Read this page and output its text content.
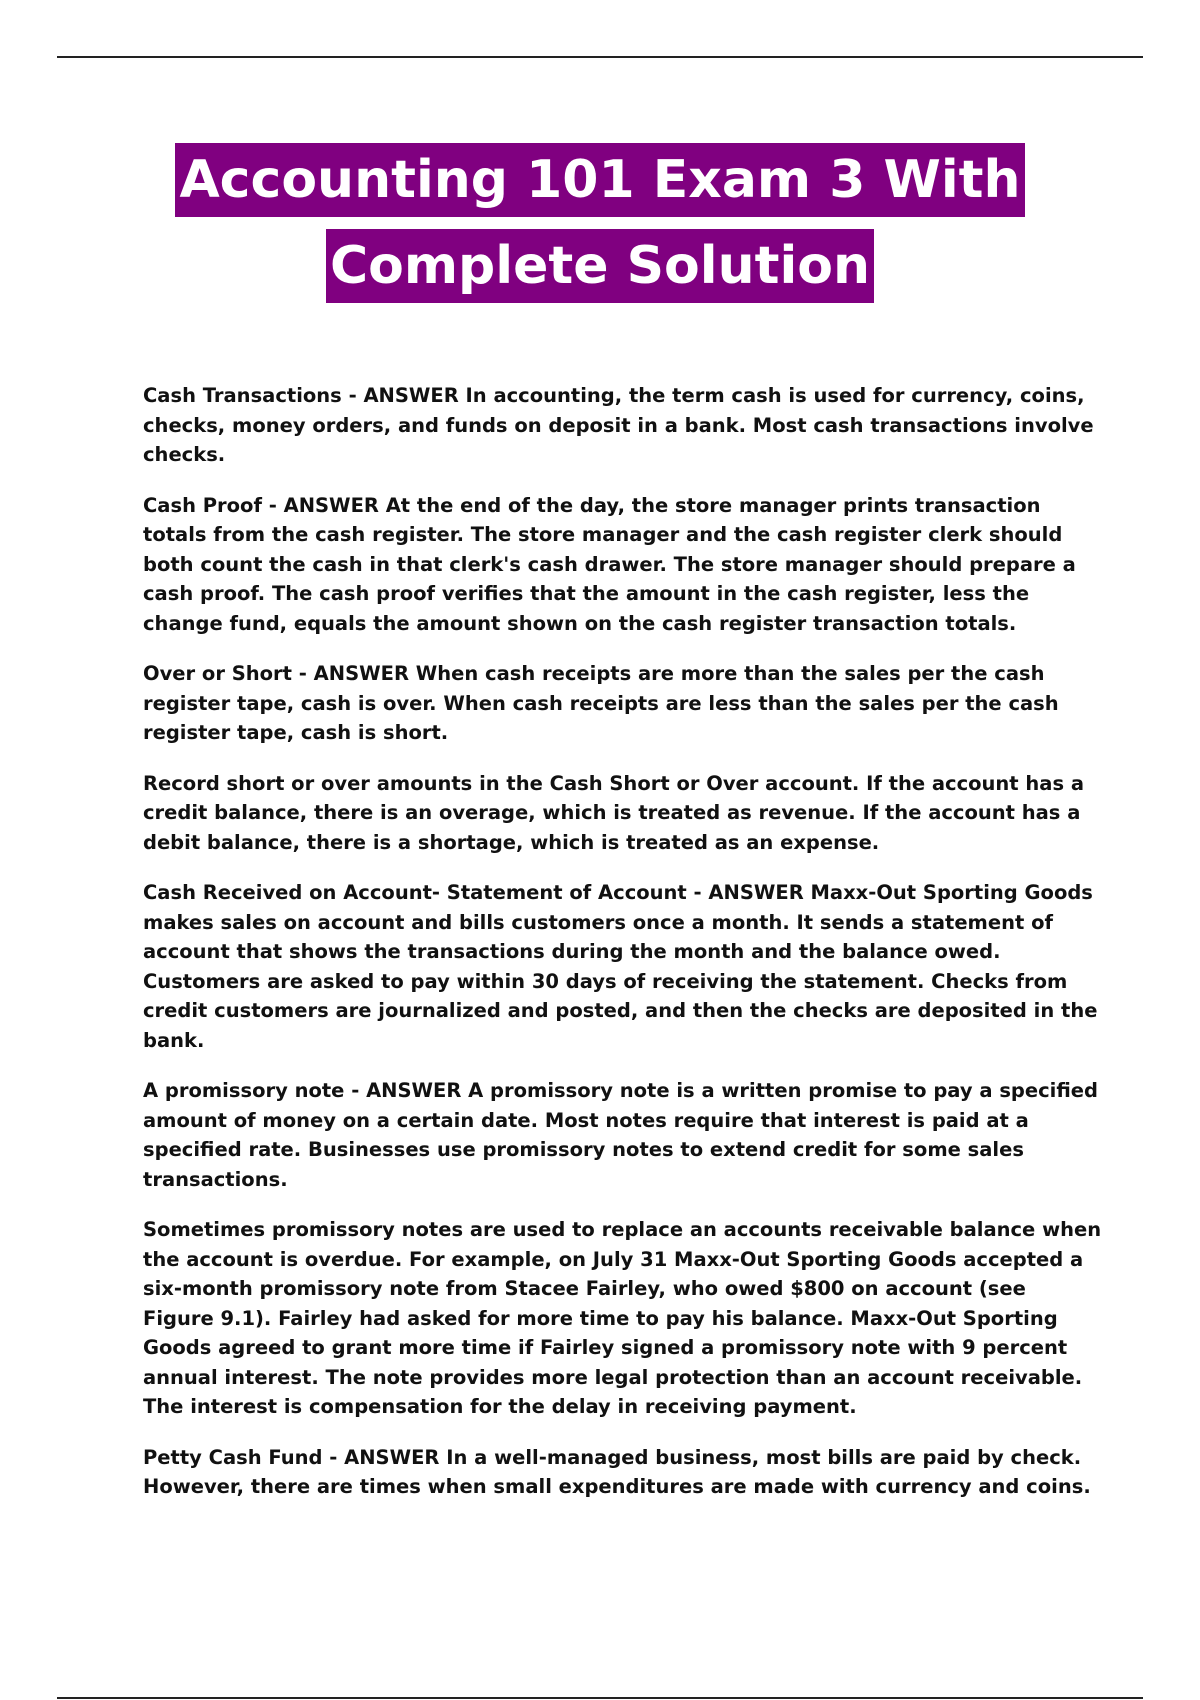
Accounting 101 Exam 3 With
Complete Solution

Cash Transactions - ANSWER In accounting, the term cash is used for currency, coins, checks, money orders, and funds on deposit in a bank. Most cash transactions involve checks.

Cash Proof - ANSWER At the end of the day, the store manager prints transaction totals from the cash register. The store manager and the cash register clerk should both count the cash in that clerk's cash drawer. The store manager should prepare a cash proof. The cash proof verifies that the amount in the cash register, less the change fund, equals the amount shown on the cash register transaction totals.

Over or Short - ANSWER When cash receipts are more than the sales per the cash register tape, cash is over. When cash receipts are less than the sales per the cash register tape, cash is short.

Record short or over amounts in the Cash Short or Over account. If the account has a credit balance, there is an overage, which is treated as revenue. If the account has a debit balance, there is a shortage, which is treated as an expense.

Cash Received on Account- Statement of Account - ANSWER Maxx-Out Sporting Goods makes sales on account and bills customers once a month. It sends a statement of account that shows the transactions during the month and the balance owed. Customers are asked to pay within 30 days of receiving the statement. Checks from credit customers are journalized and posted, and then the checks are deposited in the bank.

A promissory note - ANSWER A promissory note is a written promise to pay a specified amount of money on a certain date. Most notes require that interest is paid at a specified rate. Businesses use promissory notes to extend credit for some sales transactions.

Sometimes promissory notes are used to replace an accounts receivable balance when the account is overdue. For example, on July 31 Maxx-Out Sporting Goods accepted a six-month promissory note from Stacee Fairley, who owed $800 on account (see Figure 9.1). Fairley had asked for more time to pay his balance. Maxx-Out Sporting Goods agreed to grant more time if Fairley signed a promissory note with 9 percent annual interest. The note provides more legal protection than an account receivable. The interest is compensation for the delay in receiving payment.

Petty Cash Fund - ANSWER In a well-managed business, most bills are paid by check. However, there are times when small expenditures are made with currency and coins.
